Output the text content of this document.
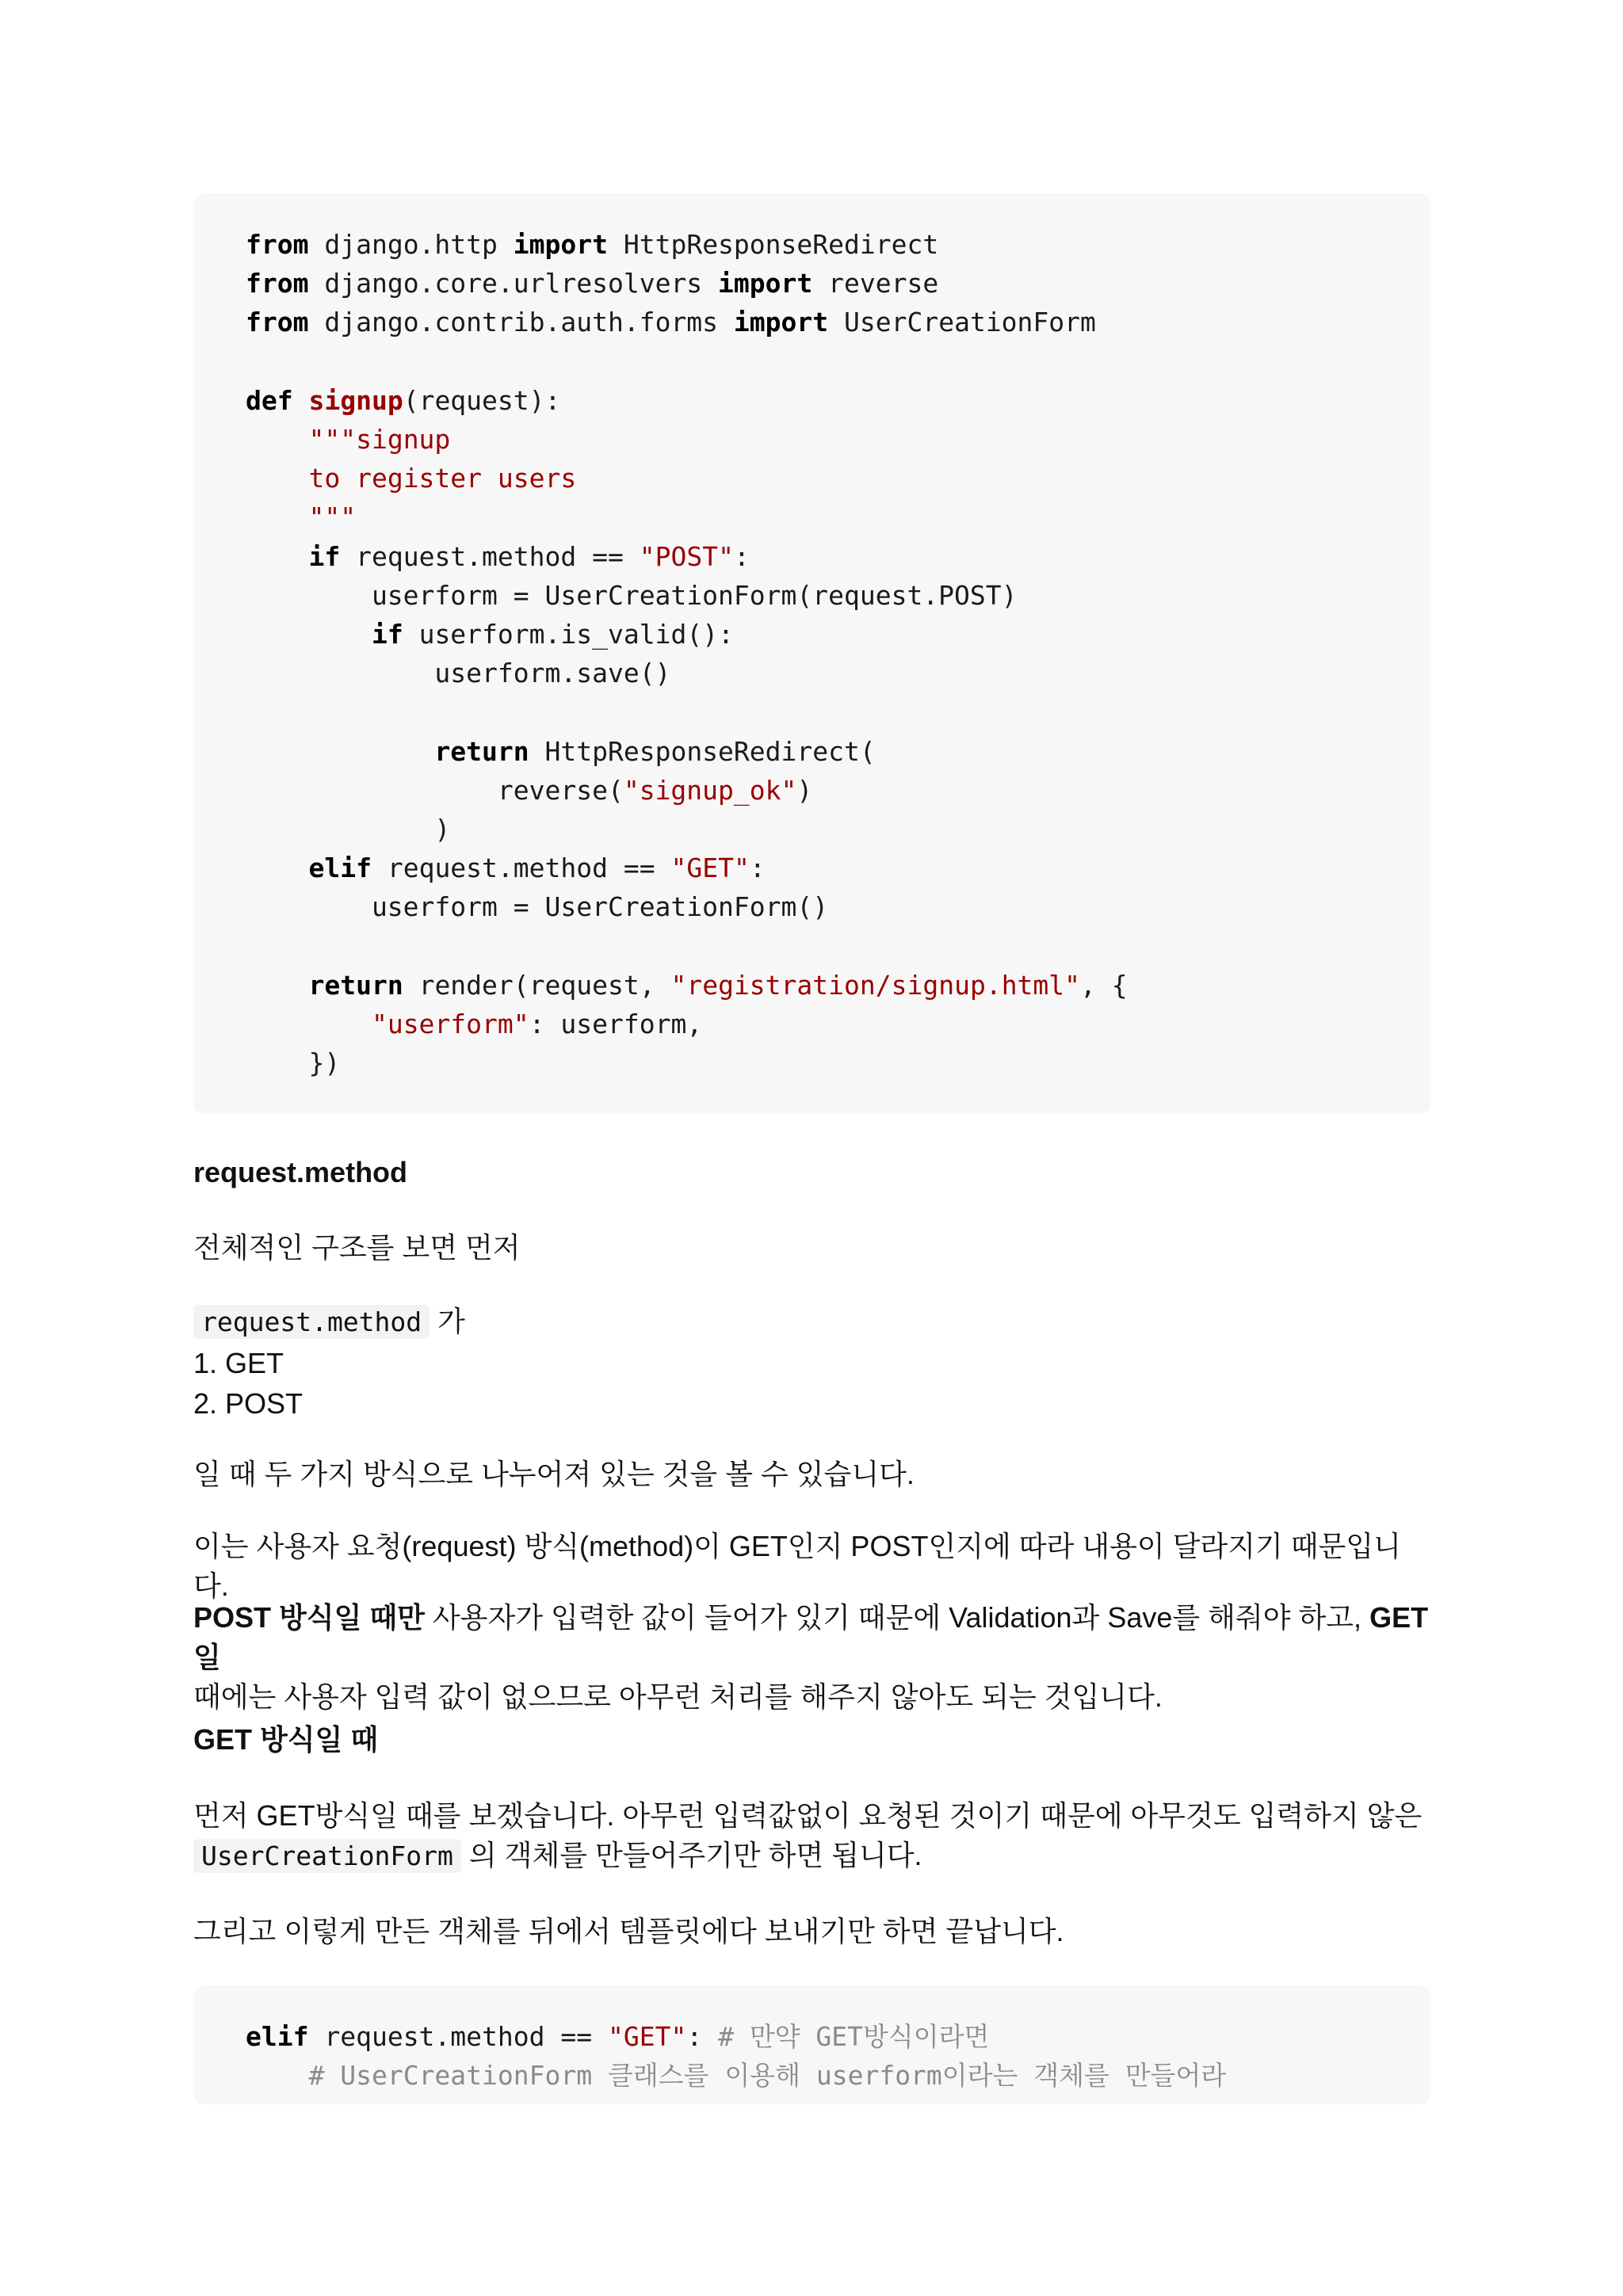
from django.http import HttpResponseRedirect
from django.core.urlresolvers import reverse
from django.contrib.auth.forms import UserCreationForm

def signup(request):
"""signup
to register users
"""
if request.method == "POST":
userform = UserCreationForm(request.POST)
if userform.is_valid():
userform.save()

return HttpResponseRedirect(
reverse("signup_ok")
)
elif request.method == "GET":
userform = UserCreationForm()

return render(request, "registration/signup.html", {
"userform": userform,
})
request.method
전체적인 구조를 보면 먼저
request.method 가
1. GET
2. POST
일 때 두 가지 방식으로 나누어져 있는 것을 볼 수 있습니다.
이는 사용자 요청(request) 방식(method)이 GET인지 POST인지에 따라 내용이 달라지기 때문입니다.
POST 방식일 때만 사용자가 입력한 값이 들어가 있기 때문에 Validation과 Save를 해줘야 하고, GET일
때에는 사용자 입력 값이 없으므로 아무런 처리를 해주지 않아도 되는 것입니다.
GET 방식일 때
먼저 GET방식일 때를 보겠습니다. 아무런 입력값없이 요청된 것이기 때문에 아무것도 입력하지 않은
UserCreationForm 의 객체를 만들어주기만 하면 됩니다.
그리고 이렇게 만든 객체를 뒤에서 템플릿에다 보내기만 하면 끝납니다.
elif request.method == "GET": # 만약 GET방식이라면
# UserCreationForm 클래스를 이용해 userform이라는 객체를 만들어라
